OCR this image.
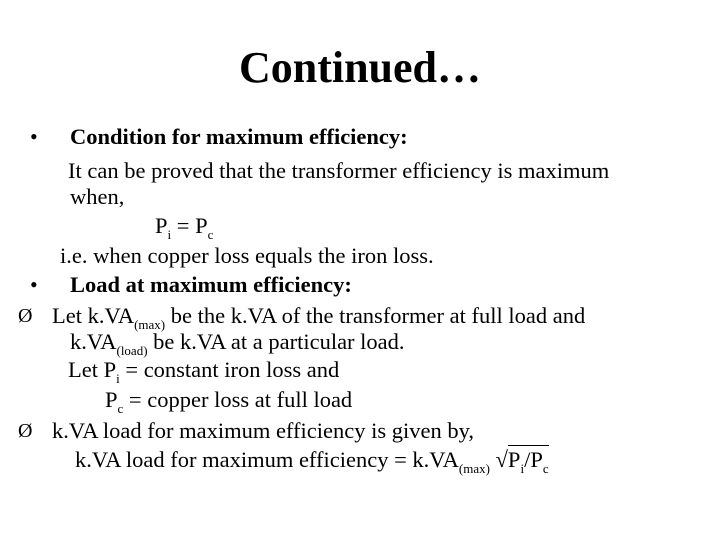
Continued…
• Condition for maximum efficiency:
It can be proved that the transformer efficiency is maximum
when,
$P_i = P_c$
i.e. when copper loss equals the iron loss.
• Load at maximum efficiency:
Ø Let $k.VA_{(max)}$ be the k.VA of the transformer at full load and
$k.VA_{(load)}$ be k.VA at a particular load.
Let $P_i$ = constant iron loss and
$P_c$ = copper loss at full load
Ø k.VA load for maximum efficiency is given by,
k.VA load for maximum efficiency = $k.VA_{(max)}$ $√P_i/P_c$
